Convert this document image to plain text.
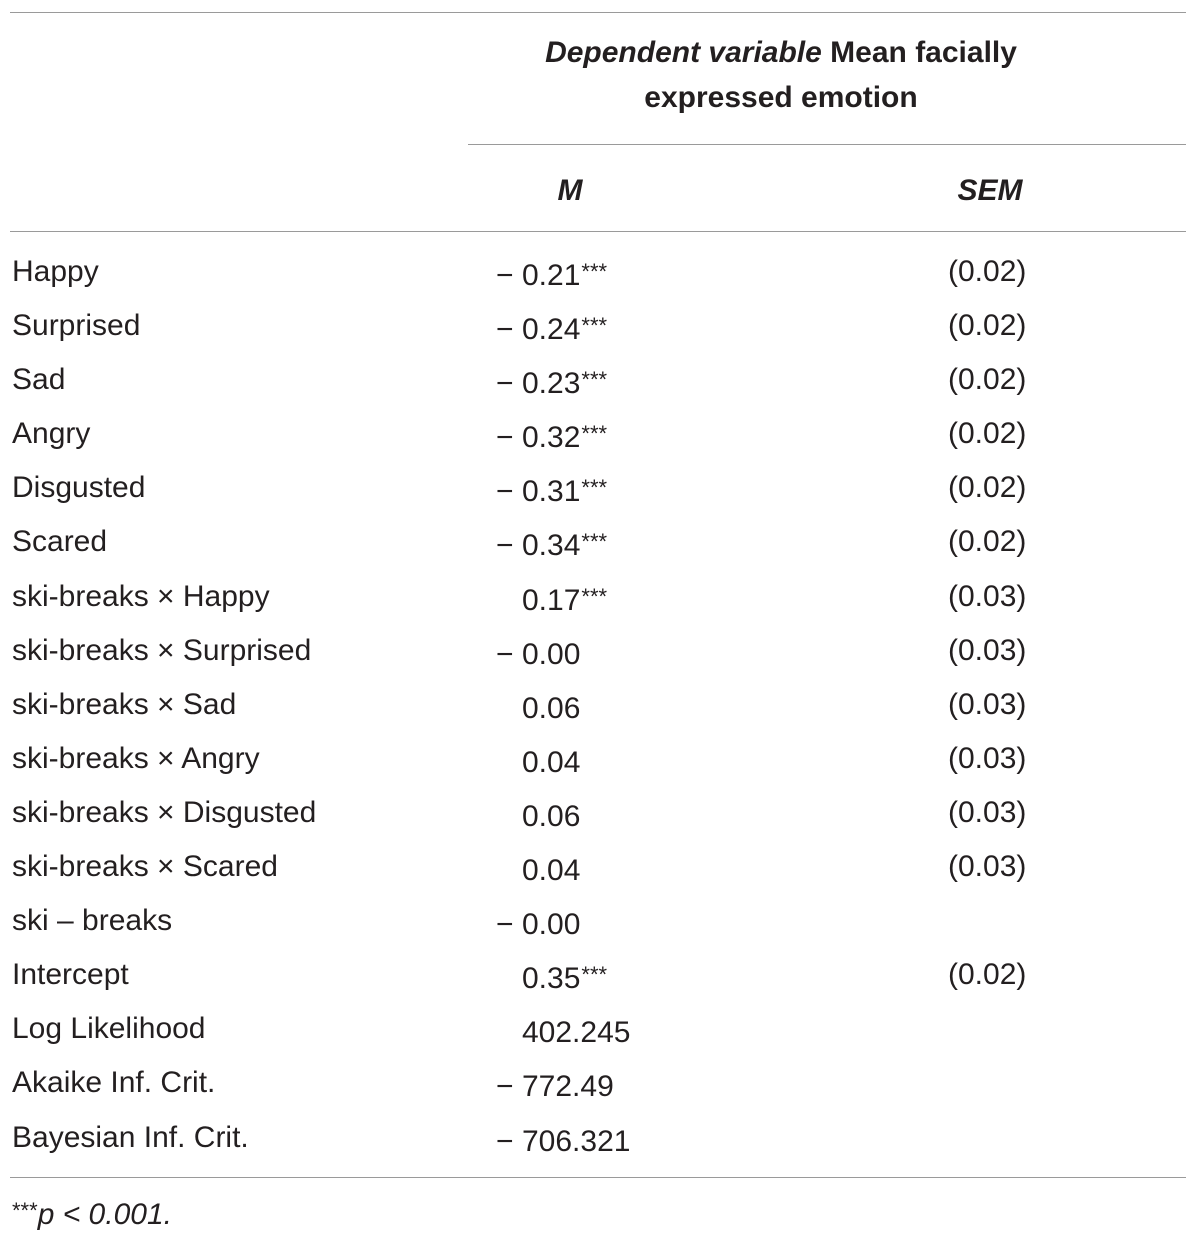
Dependent variable Mean facially expressed emotion
M	SEM
Happy	− 0.21***	(0.02)
Surprised	− 0.24***	(0.02)
Sad	− 0.23***	(0.02)
Angry	− 0.32***	(0.02)
Disgusted	− 0.31***	(0.02)
Scared	− 0.34***	(0.02)
ski-breaks × Happy	0.17***	(0.03)
ski-breaks × Surprised	− 0.00	(0.03)
ski-breaks × Sad	0.06	(0.03)
ski-breaks × Angry	0.04	(0.03)
ski-breaks × Disgusted	0.06	(0.03)
ski-breaks × Scared	0.04	(0.03)
ski – breaks	− 0.00
Intercept	0.35***	(0.02)
Log Likelihood	402.245
Akaike Inf. Crit.	− 772.49
Bayesian Inf. Crit.	− 706.321
***p < 0.001.
